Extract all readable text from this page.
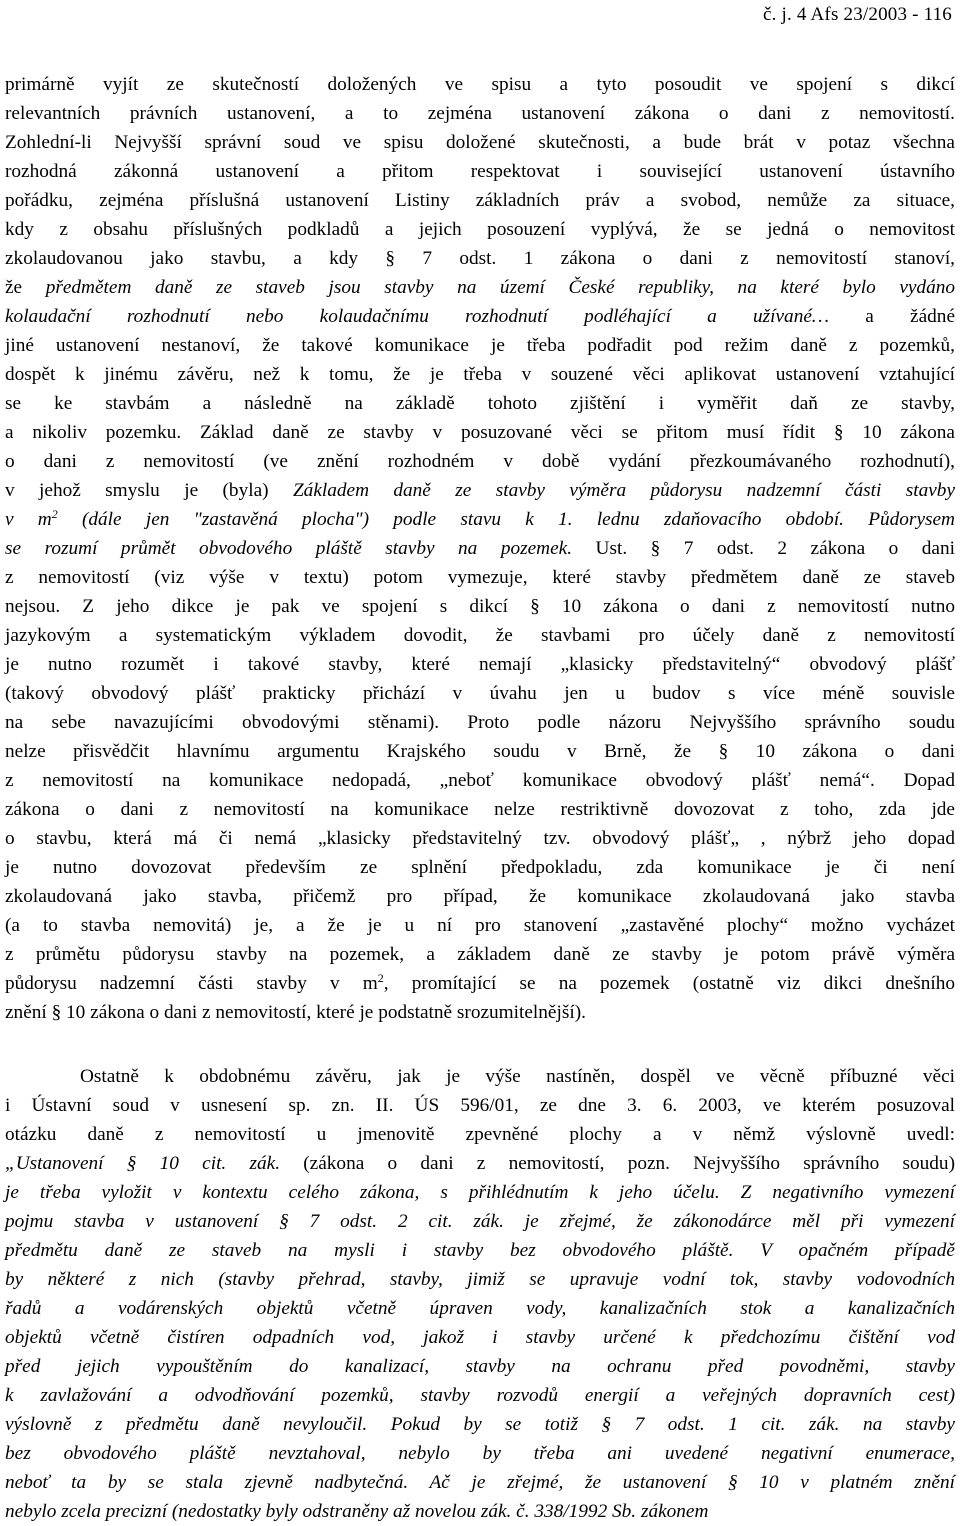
č. j. 4 Afs 23/2003 - 116
primárně vyjít ze skutečností doložených ve spisu a tyto posoudit ve spojení s dikcí
relevantních právních ustanovení, a to zejména ustanovení zákona o dani z nemovitostí.
Zohlední-li Nejvyšší správní soud ve spisu doložené skutečnosti, a bude brát v potaz všechna
rozhodná zákonná ustanovení a přitom respektovat i související ustanovení ústavního
pořádku, zejména příslušná ustanovení Listiny základních práv a svobod, nemůže za situace,
kdy z obsahu příslušných podkladů a jejich posouzení vyplývá, že se jedná o nemovitost
zkolaudovanou jako stavbu, a kdy § 7 odst. 1 zákona o dani z nemovitostí stanoví,
že předmětem daně ze staveb jsou stavby na území České republiky, na které bylo vydáno
kolaudační rozhodnutí nebo kolaudačnímu rozhodnutí podléhající a užívané… a žádné
jiné ustanovení nestanoví, že takové komunikace je třeba podřadit pod režim daně z pozemků,
dospět k jinému závěru, než k tomu, že je třeba v souzené věci aplikovat ustanovení vztahující
se ke stavbám a následně na základě tohoto zjištění i vyměřit daň ze stavby,
a nikoliv pozemku. Základ daně ze stavby v posuzované věci se přitom musí řídit § 10 zákona
o dani z nemovitostí (ve znění rozhodném v době vydání přezkoumávaného rozhodnutí),
v jehož smyslu je (byla) Základem daně ze stavby výměra půdorysu nadzemní části stavby
v $m^2$ (dále jen "zastavěná plocha") podle stavu k 1. lednu zdaňovacího období. Půdorysem
se rozumí průmět obvodového pláště stavby na pozemek. Ust. § 7 odst. 2 zákona o dani
z nemovitostí (viz výše v textu) potom vymezuje, které stavby předmětem daně ze staveb
nejsou. Z jeho dikce je pak ve spojení s dikcí § 10 zákona o dani z nemovitostí nutno
jazykovým a systematickým výkladem dovodit, že stavbami pro účely daně z nemovitostí
je nutno rozumět i takové stavby, které nemají „klasicky představitelný“ obvodový plášť
(takový obvodový plášť prakticky přichází v úvahu jen u budov s více méně souvisle
na sebe navazujícími obvodovými stěnami). Proto podle názoru Nejvyššího správního soudu
nelze přisvědčit hlavnímu argumentu Krajského soudu v Brně, že § 10 zákona o dani
z nemovitostí na komunikace nedopadá, „neboť komunikace obvodový plášť nemá“. Dopad
zákona o dani z nemovitostí na komunikace nelze restriktivně dovozovat z toho, zda jde
o stavbu, která má či nemá „klasicky představitelný tzv. obvodový plášť„ , nýbrž jeho dopad
je nutno dovozovat především ze splnění předpokladu, zda komunikace je či není
zkolaudovaná jako stavba, přičemž pro případ, že komunikace zkolaudovaná jako stavba
(a to stavba nemovitá) je, a že je u ní pro stanovení „zastavěné plochy“ možno vycházet
z průmětu půdorysu stavby na pozemek, a základem daně ze stavby je potom právě výměra
půdorysu nadzemní části stavby v $m^2$, promítající se na pozemek (ostatně viz dikci dnešního
znění § 10 zákona o dani z nemovitostí, které je podstatně srozumitelnější).
Ostatně k obdobnému závěru, jak je výše nastíněn, dospěl ve věcně příbuzné věci
i Ústavní soud v usnesení sp. zn. II. ÚS 596/01, ze dne 3. 6. 2003, ve kterém posuzoval
otázku daně z nemovitostí u jmenovitě zpevněné plochy a v němž výslovně uvedl:
„Ustanovení § 10 cit. zák. (zákona o dani z nemovitostí, pozn. Nejvyššího správního soudu)
je třeba vyložit v kontextu celého zákona, s přihlédnutím k jeho účelu. Z negativního vymezení
pojmu stavba v ustanovení § 7 odst. 2 cit. zák. je zřejmé, že zákonodárce měl při vymezení
předmětu daně ze staveb na mysli i stavby bez obvodového pláště. V opačném případě
by některé z nich (stavby přehrad, stavby, jimiž se upravuje vodní tok, stavby vodovodních
řadů a vodárenských objektů včetně úpraven vody, kanalizačních stok a kanalizačních
objektů včetně čistíren odpadních vod, jakož i stavby určené k předchozímu čištění vod
před jejich vypouštěním do kanalizací, stavby na ochranu před povodněmi, stavby
k zavlažování a odvodňování pozemků, stavby rozvodů energií a veřejných dopravních cest)
výslovně z předmětu daně nevyloučil. Pokud by se totiž § 7 odst. 1 cit. zák. na stavby
bez obvodového pláště nevztahoval, nebylo by třeba ani uvedené negativní enumerace,
neboť ta by se stala zjevně nadbytečná. Ač je zřejmé, že ustanovení § 10 v platném znění
nebylo zcela precizní (nedostatky byly odstraněny až novelou zák. č. 338/1992 Sb. zákonem
